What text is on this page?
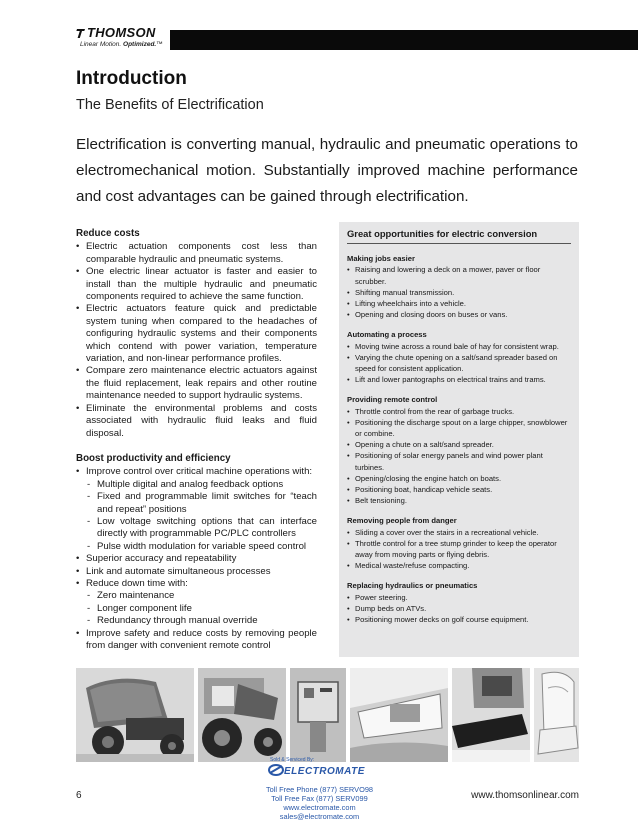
THOMSON
Linear Motion. Optimized.™
Introduction
The Benefits of Electrification

Electrification is converting manual, hydraulic and pneumatic operations to electromechanical motion. Substantially improved machine performance and cost advantages can be gained through electrification.

Reduce costs
• Electric actuation components cost less than comparable hydraulic and pneumatic systems.
• One electric linear actuator is faster and easier to install than the multiple hydraulic and pneumatic components required to achieve the same function.
• Electric actuators feature quick and predictable system tuning when compared to the headaches of configuring hydraulic systems and their components which contend with power variation, temperature variation, and non-linear performance profiles.
• Compare zero maintenance electric actuators against the fluid replacement, leak repairs and other routine maintenance needed to support hydraulic systems.
• Eliminate the environmental problems and costs associated with hydraulic fluid leaks and fluid disposal.
Boost productivity and efficiency
• Improve control over critical machine operations with:
- Multiple digital and analog feedback options
- Fixed and programmable limit switches for “teach and repeat” positions
- Low voltage switching options that can interface directly with programmable PC/PLC controllers
- Pulse width modulation for variable speed control
• Superior accuracy and repeatability
• Link and automate simultaneous processes
• Reduce down time with:
- Zero maintenance
- Longer component life
- Redundancy through manual override
• Improve safety and reduce costs by removing people from danger with convenient remote control
Great opportunities for electric conversion
Making jobs easier
• Raising and lowering a deck on a mower, paver or floor scrubber.
• Shifting manual transmission.
• Lifting wheelchairs into a vehicle.
• Opening and closing doors on buses or vans.
Automating a process
• Moving twine across a round bale of hay for consistent wrap.
• Varying the chute opening on a salt/sand spreader based on speed for consistent application.
• Lift and lower pantographs on electrical trains and trams.
Providing remote control
• Throttle control from the rear of garbage trucks.
• Positioning the discharge spout on a large chipper, snowblower or combine.
• Opening a chute on a salt/sand spreader.
• Positioning of solar energy panels and wind power plant turbines.
• Opening/closing the engine hatch on boats.
• Positioning boat, handicap vehicle seats.
• Belt tensioning.
Removing people from danger
• Sliding a cover over the stairs in a recreational vehicle.
• Throttle control for a tree stump grinder to keep the operator away from moving parts or flying debris.
• Medical waste/refuse compacting.
Replacing hydraulics or pneumatics
• Power steering.
• Dump beds on ATVs.
• Positioning mower decks on golf course equipment.
6
Sold & Serviced By:
ELECTROMATE
Toll Free Phone (877) SERVO98
Toll Free Fax (877) SERV099
www.electromate.com
sales@electromate.com
www.thomsonlinear.com
